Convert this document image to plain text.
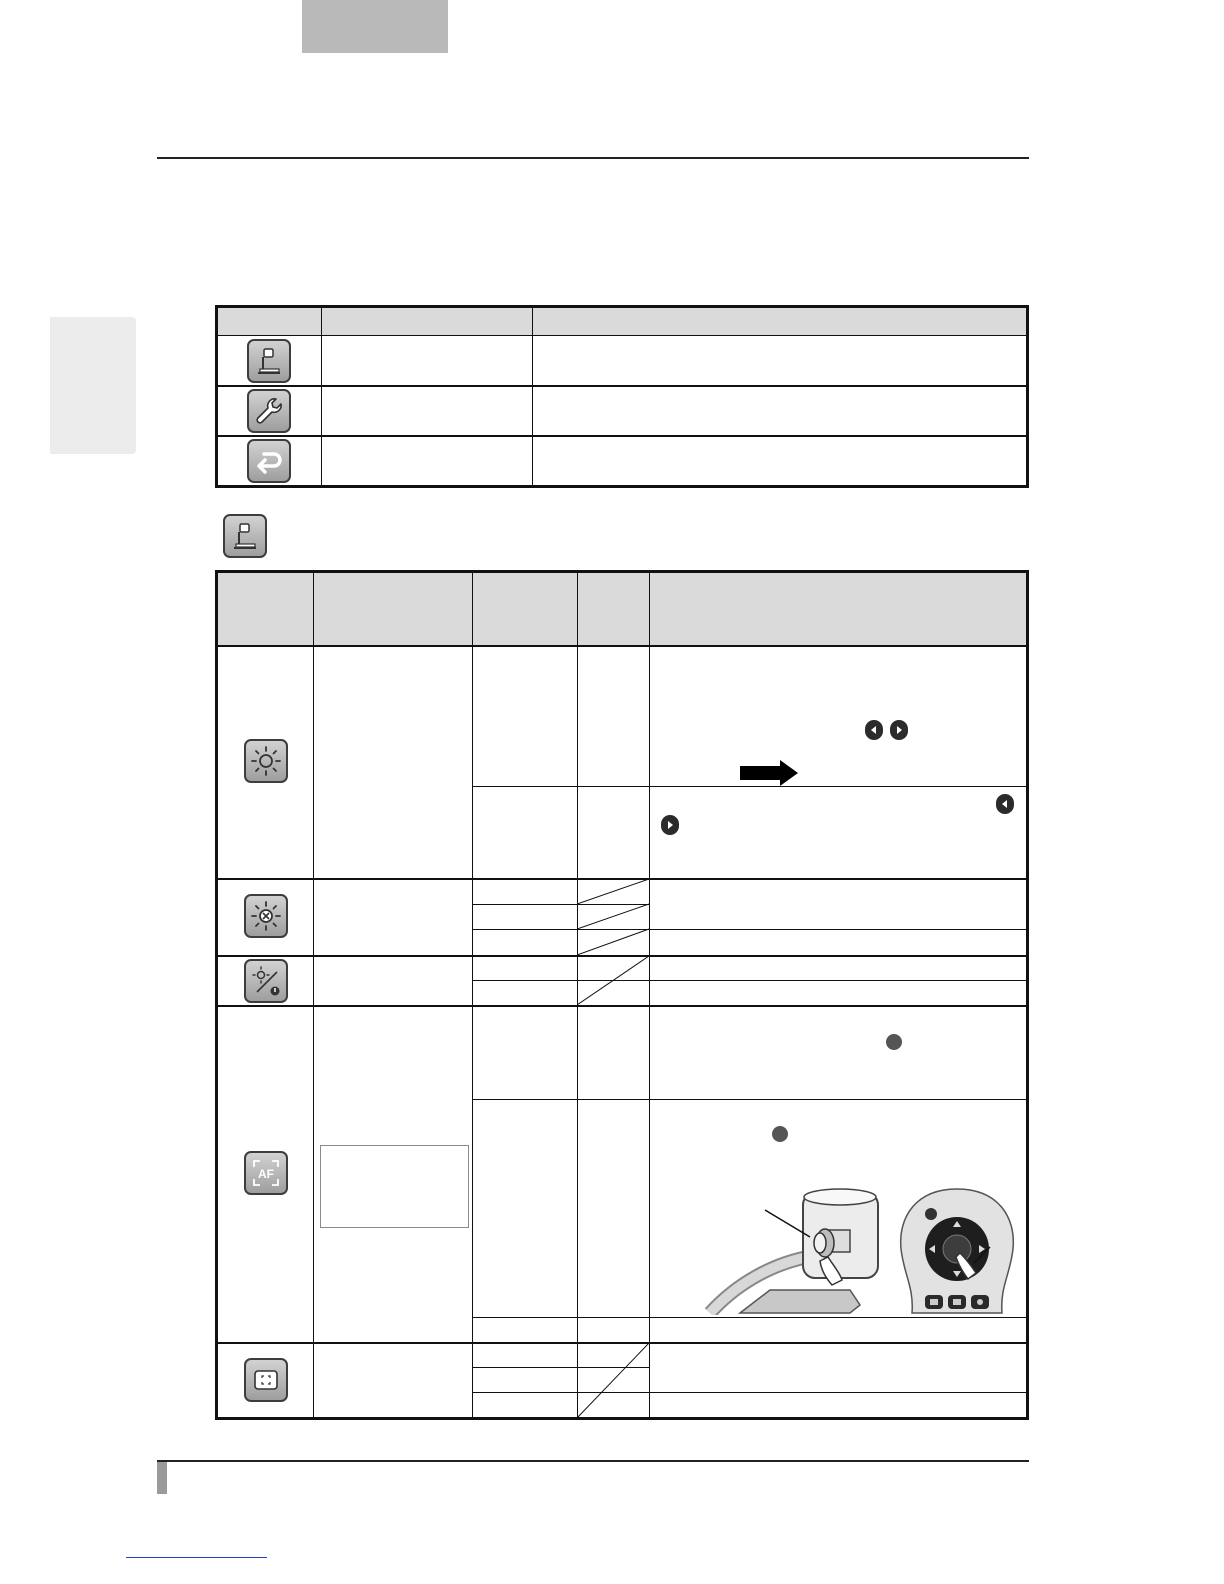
AF
